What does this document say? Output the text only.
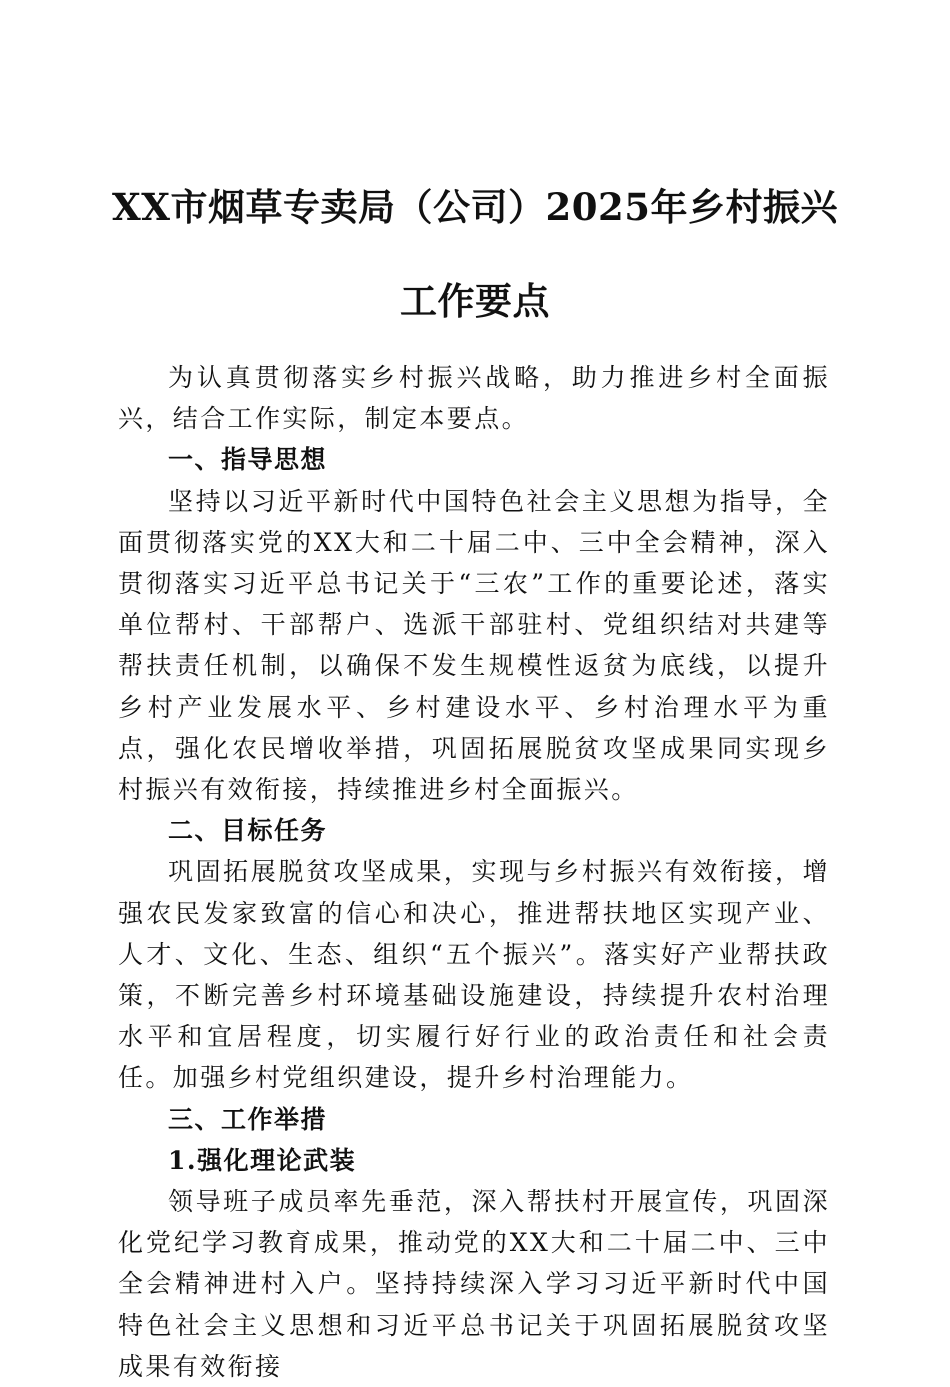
XX市烟草专卖局（公司）2025年乡村振兴工作要点

为认真贯彻落实乡村振兴战略，助力推进乡村全面振兴，结合工作实际，制定本要点。

一、指导思想

坚持以习近平新时代中国特色社会主义思想为指导，全面贯彻落实党的XX大和二十届二中、三中全会精神，深入贯彻落实习近平总书记关于“三农”工作的重要论述，落实单位帮村、干部帮户、选派干部驻村、党组织结对共建等帮扶责任机制，以确保不发生规模性返贫为底线，以提升乡村产业发展水平、乡村建设水平、乡村治理水平为重点，强化农民增收举措，巩固拓展脱贫攻坚成果同实现乡村振兴有效衔接，持续推进乡村全面振兴。

二、目标任务

巩固拓展脱贫攻坚成果，实现与乡村振兴有效衔接，增强农民发家致富的信心和决心，推进帮扶地区实现产业、人才、文化、生态、组织“五个振兴”。落实好产业帮扶政策，不断完善乡村环境基础设施建设，持续提升农村治理水平和宜居程度，切实履行好行业的政治责任和社会责任。加强乡村党组织建设，提升乡村治理能力。

三、工作举措

1.强化理论武装

领导班子成员率先垂范，深入帮扶村开展宣传，巩固深化党纪学习教育成果，推动党的XX大和二十届二中、三中全会精神进村入户。坚持持续深入学习习近平新时代中国特色社会主义思想和习近平总书记关于巩固拓展脱贫攻坚成果有效衔接
